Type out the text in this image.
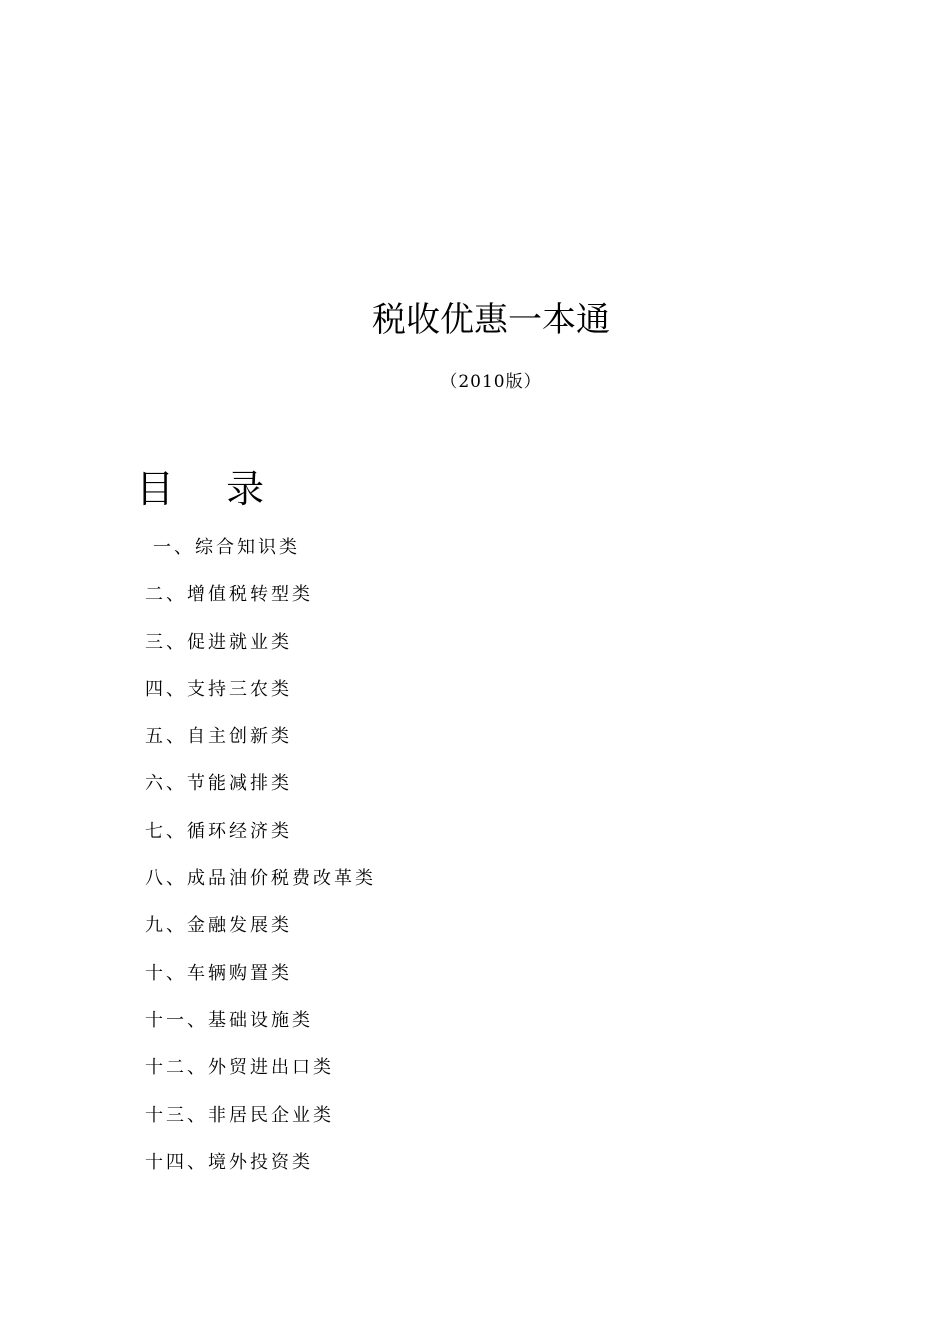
税收优惠一本通
（2010版）
目 录
一、综合知识类
二、增值税转型类
三、促进就业类
四、支持三农类
五、自主创新类
六、节能减排类
七、循环经济类
八、成品油价税费改革类
九、金融发展类
十、车辆购置类
十一、基础设施类
十二、外贸进出口类
十三、非居民企业类
十四、境外投资类
